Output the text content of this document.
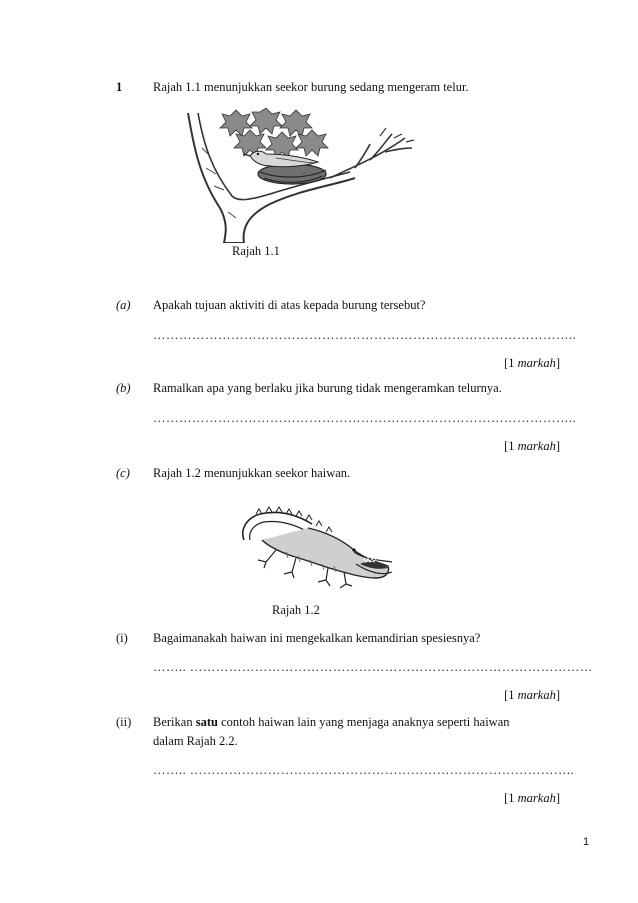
1 Rajah 1.1 menunjukkan seekor burung sedang mengeram telur.
Rajah 1.1
(a) Apakah tujuan aktiviti di atas kepada burung tersebut?
……………………………………………………………………………………..
[1 markah]
(b) Ramalkan apa yang berlaku jika burung tidak mengeramkan telurnya.
……………………………………………………………………………………..
[1 markah]
(c) Rajah 1.2 menunjukkan seekor haiwan.
Rajah 1.2
(i) Bagaimanakah haiwan ini mengekalkan kemandirian spesiesnya?
…….. …………………………………………………………………………………
[1 markah]
(ii) Berikan satu contoh haiwan lain yang menjaga anaknya seperti haiwan
dalam Rajah 2.2.
…….. ……………………………………………………………………………..
[1 markah]
1
